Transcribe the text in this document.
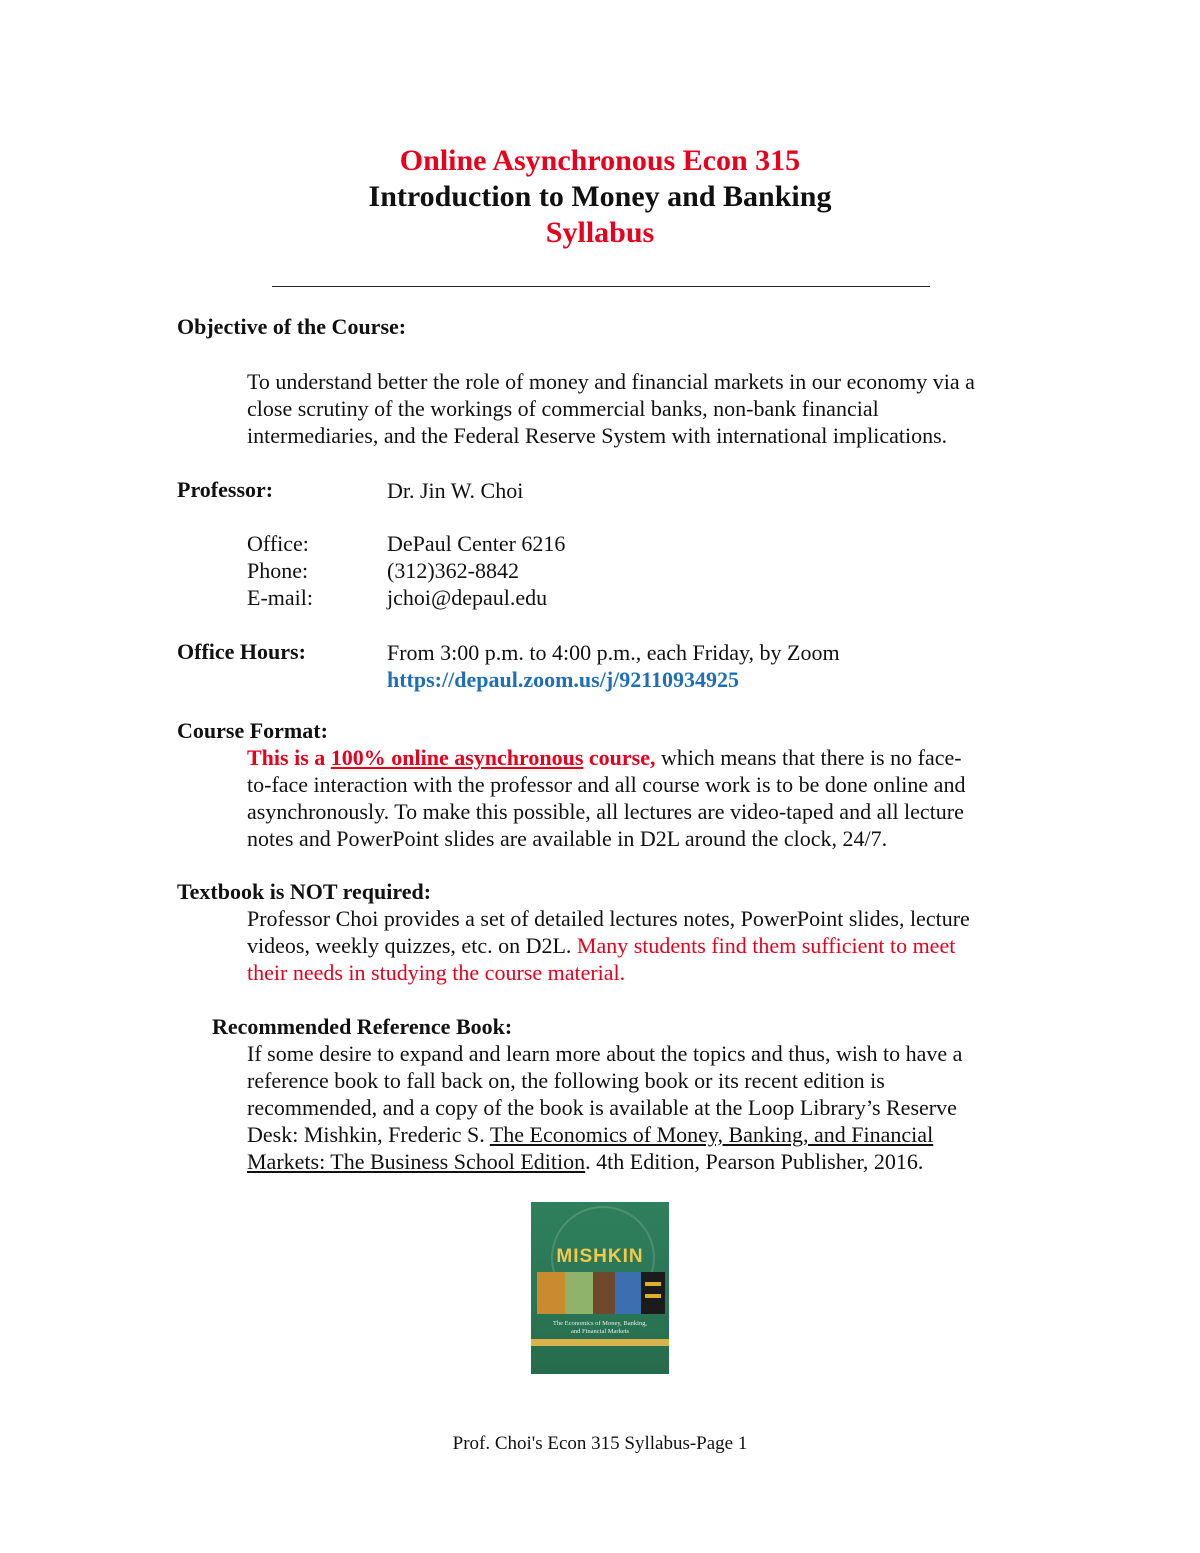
Online Asynchronous Econ 315
Introduction to Money and Banking
Syllabus
Objective of the Course:
To understand better the role of money and financial markets in our economy via a
close scrutiny of the workings of commercial banks, non-bank financial
intermediaries, and the Federal Reserve System with international implications.
Professor:	Dr. Jin W. Choi
Office:	DePaul Center 6216
Phone:	(312)362-8842
E-mail:	jchoi@depaul.edu
Office Hours:	From 3:00 p.m. to 4:00 p.m., each Friday, by Zoom
https://depaul.zoom.us/j/92110934925
Course Format:
This is a 100% online asynchronous course, which means that there is no face-
to-face interaction with the professor and all course work is to be done online and
asynchronously. To make this possible, all lectures are video-taped and all lecture
notes and PowerPoint slides are available in D2L around the clock, 24/7.
Textbook is NOT required:
Professor Choi provides a set of detailed lectures notes, PowerPoint slides, lecture
videos, weekly quizzes, etc. on D2L. Many students find them sufficient to meet
their needs in studying the course material.
Recommended Reference Book:
If some desire to expand and learn more about the topics and thus, wish to have a
reference book to fall back on, the following book or its recent edition is
recommended, and a copy of the book is available at the Loop Library’s Reserve
Desk: Mishkin, Frederic S. The Economics of Money, Banking, and Financial
Markets: The Business School Edition. 4th Edition, Pearson Publisher, 2016.
MISHKIN
The Economics of Money, Banking,
and Financial Markets
Prof. Choi's Econ 315 Syllabus-Page 1
